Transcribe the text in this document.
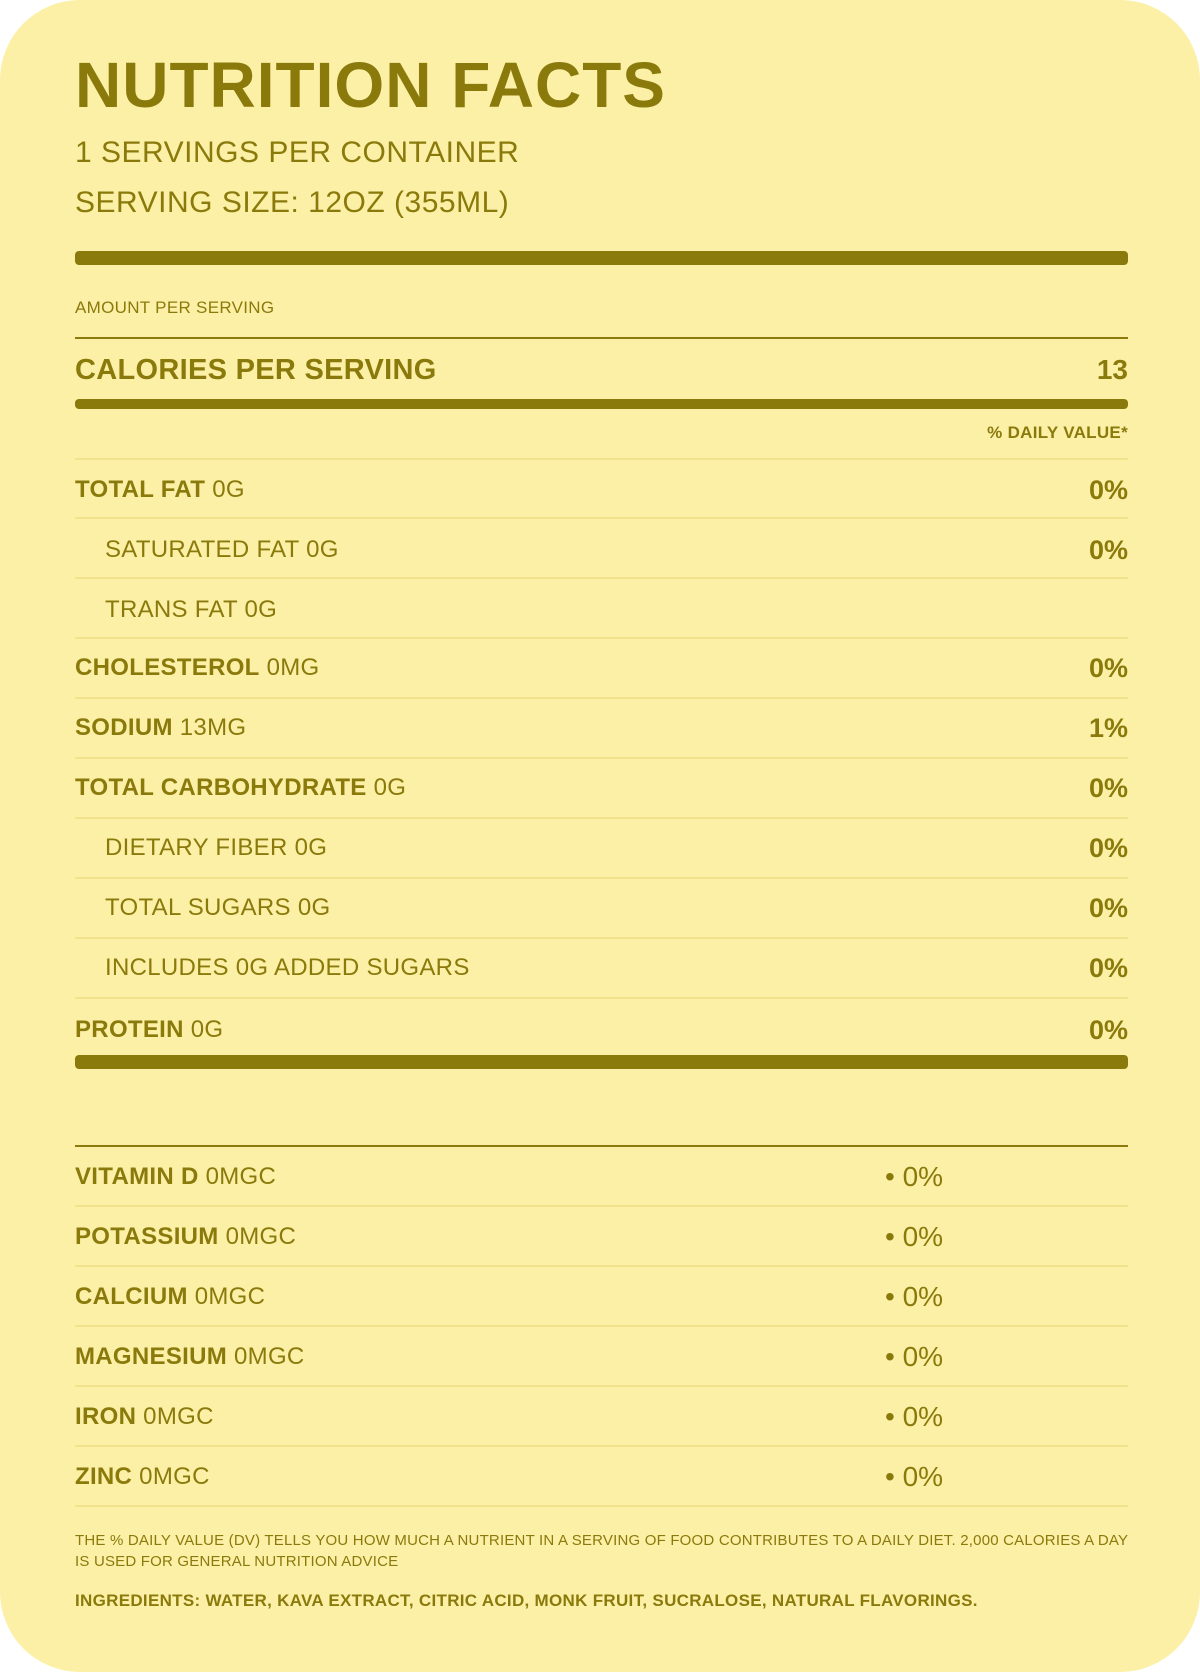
NUTRITION FACTS
1 SERVINGS PER CONTAINER
SERVING SIZE: 12OZ (355ML)
AMOUNT PER SERVING
CALORIES PER SERVING	13
% DAILY VALUE*
TOTAL FAT 0G	0%
SATURATED FAT 0G	0%
TRANS FAT 0G
CHOLESTEROL 0MG	0%
SODIUM 13MG	1%
TOTAL CARBOHYDRATE 0G	0%
DIETARY FIBER 0G	0%
TOTAL SUGARS 0G	0%
INCLUDES 0G ADDED SUGARS	0%
PROTEIN 0G	0%
VITAMIN D 0MGC	• 0%
POTASSIUM 0MGC	• 0%
CALCIUM 0MGC	• 0%
MAGNESIUM 0MGC	• 0%
IRON 0MGC	• 0%
ZINC 0MGC	• 0%
THE % DAILY VALUE (DV) TELLS YOU HOW MUCH A NUTRIENT IN A SERVING OF FOOD CONTRIBUTES TO A DAILY DIET. 2,000 CALORIES A DAY IS USED FOR GENERAL NUTRITION ADVICE
INGREDIENTS: WATER, KAVA EXTRACT, CITRIC ACID, MONK FRUIT, SUCRALOSE, NATURAL FLAVORINGS.
